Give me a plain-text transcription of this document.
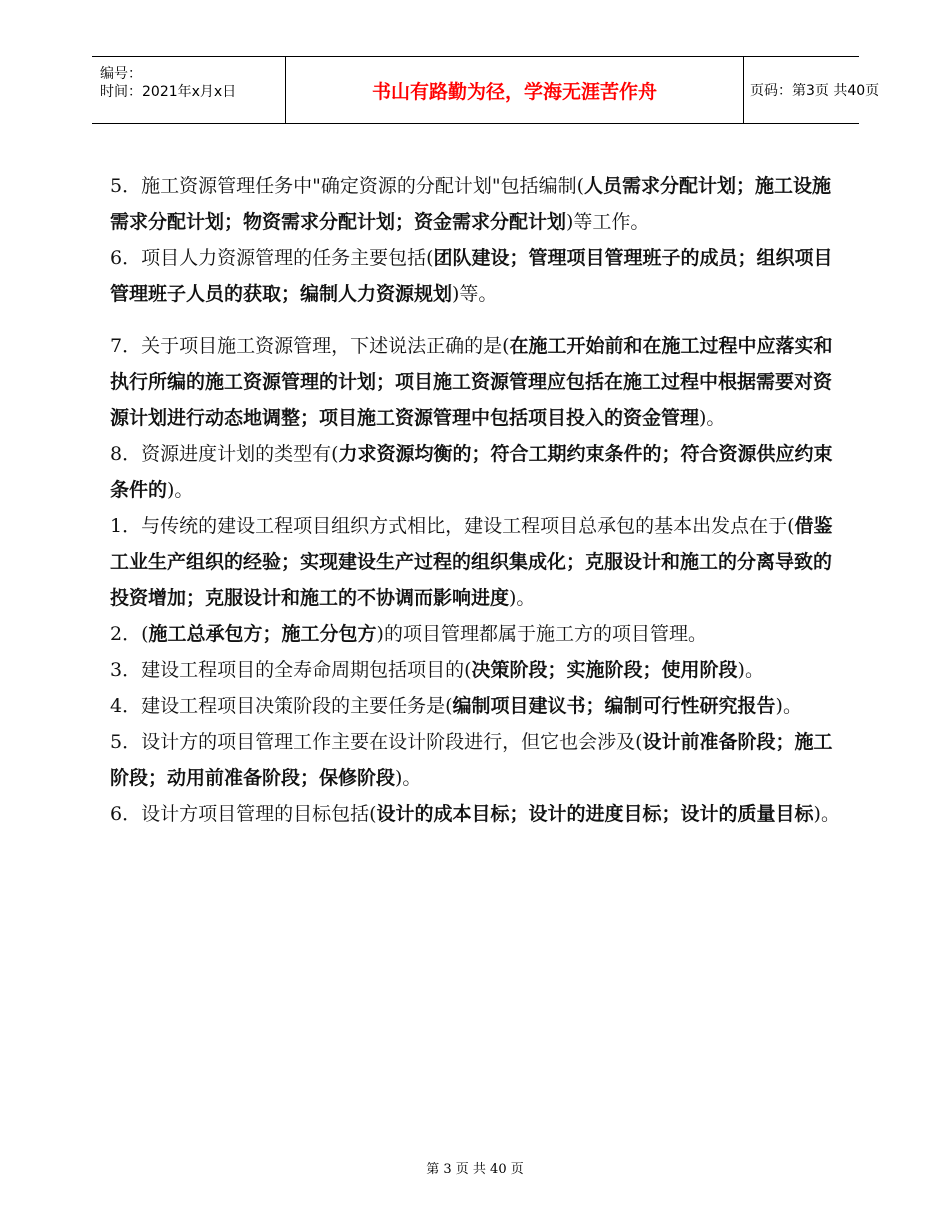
编号：
时间：2021年x月x日	书山有路勤为径，学海无涯苦作舟	页码：第3页 共40页

5．施工资源管理任务中"确定资源的分配计划"包括编制(人员需求分配计划；施工设施需求分配计划；物资需求分配计划；资金需求分配计划)等工作。

6．项目人力资源管理的任务主要包括(团队建设；管理项目管理班子的成员；组织项目管理班子人员的获取；编制人力资源规划)等。

7．关于项目施工资源管理，下述说法正确的是(在施工开始前和在施工过程中应落实和执行所编的施工资源管理的计划；项目施工资源管理应包括在施工过程中根据需要对资源计划进行动态地调整；项目施工资源管理中包括项目投入的资金管理)。

8．资源进度计划的类型有(力求资源均衡的；符合工期约束条件的；符合资源供应约束条件的)。

1．与传统的建设工程项目组织方式相比，建设工程项目总承包的基本出发点在于(借鉴工业生产组织的经验；实现建设生产过程的组织集成化；克服设计和施工的分离导致的投资增加；克服设计和施工的不协调而影响进度)。

2．(施工总承包方；施工分包方)的项目管理都属于施工方的项目管理。

3．建设工程项目的全寿命周期包括项目的(决策阶段；实施阶段；使用阶段)。

4．建设工程项目决策阶段的主要任务是(编制项目建议书；编制可行性研究报告)。

5．设计方的项目管理工作主要在设计阶段进行，但它也会涉及(设计前准备阶段；施工阶段；动用前准备阶段；保修阶段)。

6．设计方项目管理的目标包括(设计的成本目标；设计的进度目标；设计的质量目标)。

第 3 页 共 40 页
